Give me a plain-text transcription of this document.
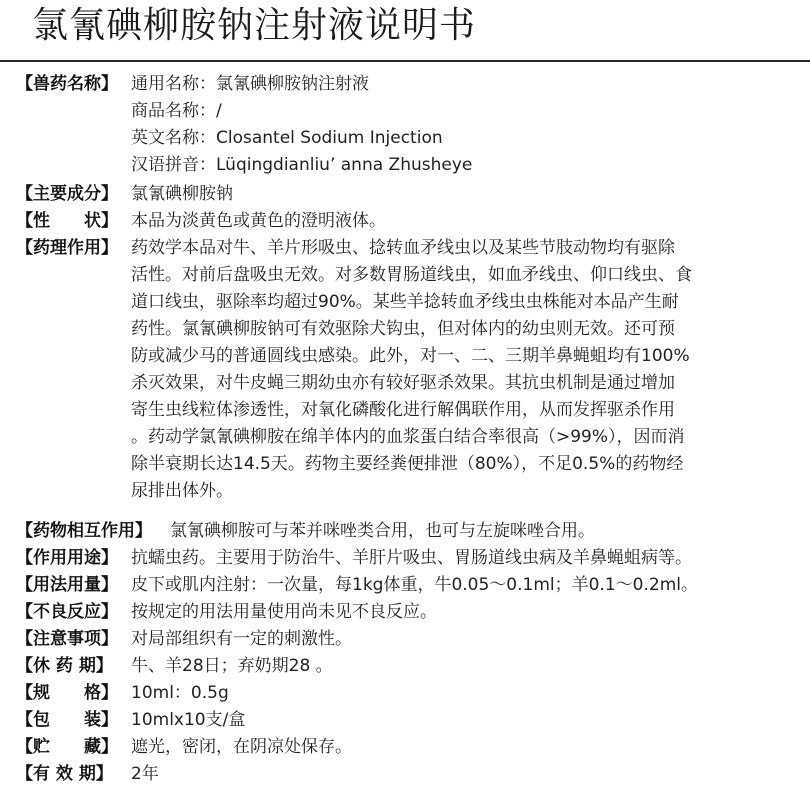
氯氰碘柳胺钠注射液说明书
【兽药名称】 通用名称：氯氰碘柳胺钠注射液
商品名称：/
英文名称：Closantel Sodium Injection
汉语拼音：Lüqingdianliu’ anna Zhusheye
【主要成分】 氯氰碘柳胺钠
【性　　状】 本品为淡黄色或黄色的澄明液体。
【药理作用】 药效学本品对牛、羊片形吸虫、捻转血矛线虫以及某些节肢动物均有驱除
活性。对前后盘吸虫无效。对多数胃肠道线虫，如血矛线虫、仰口线虫、食
道口线虫，驱除率均超过90%。某些羊捻转血矛线虫虫株能对本品产生耐
药性。氯氰碘柳胺钠可有效驱除犬钩虫，但对体内的幼虫则无效。还可预
防或减少马的普通圆线虫感染。此外，对一、二、三期羊鼻蝇蛆均有100%
杀灭效果，对牛皮蝇三期幼虫亦有较好驱杀效果。其抗虫机制是通过增加
寄生虫线粒体渗透性，对氧化磷酸化进行解偶联作用，从而发挥驱杀作用
。药动学氯氰碘柳胺在绵羊体内的血浆蛋白结合率很高（>99%），因而消
除半衰期长达14.5天。药物主要经粪便排泄（80%），不足0.5%的药物经
尿排出体外。
【药物相互作用】 氯氰碘柳胺可与苯并咪唑类合用，也可与左旋咪唑合用。
【作用用途】 抗蠕虫药。主要用于防治牛、羊肝片吸虫、胃肠道线虫病及羊鼻蝇蛆病等。
【用法用量】 皮下或肌内注射：一次量，每1kg体重，牛0.05～0.1ml；羊0.1～0.2ml。
【不良反应】 按规定的用法用量使用尚未见不良反应。
【注意事项】 对局部组织有一定的刺激性。
【休 药 期】 牛、羊28日；弃奶期28 。
【规　　格】 10ml：0.5g
【包　　装】 10mlx10支/盒
【贮　　藏】 遮光，密闭，在阴凉处保存。
【有 效 期】 2年
